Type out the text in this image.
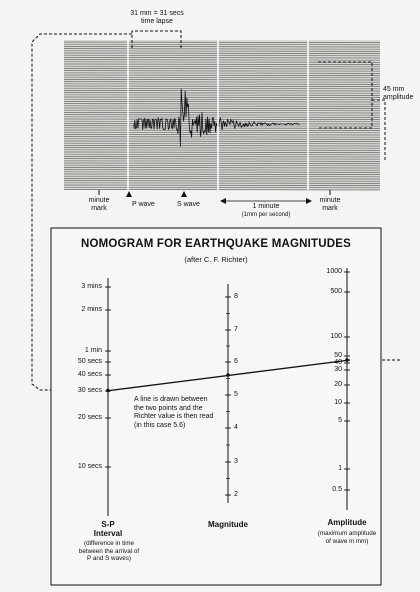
31 mm = 31 secs
time lapse
45 mm
amplitude
minute
mark
P wave	S wave	1 minute
(1mm per second)
minute
mark
NOMOGRAM FOR EARTHQUAKE MAGNITUDES
(after C. F. Richter)
3 mins
2 mins
1 min
50 secs
40 secs
30 secs
20 secs
10 secs
8
7
6
5
4
3
2
1000
500
100
50
40
30
20
10
5
1
0.5
A line is drawn between
the two points and the
Richter value is then read
(in this case 5.6)
S-P
Interval
(difference in time
between the arrival of
P and S waves)
Magnitude	Amplitude
(maximum amplitude
of wave in mm)
